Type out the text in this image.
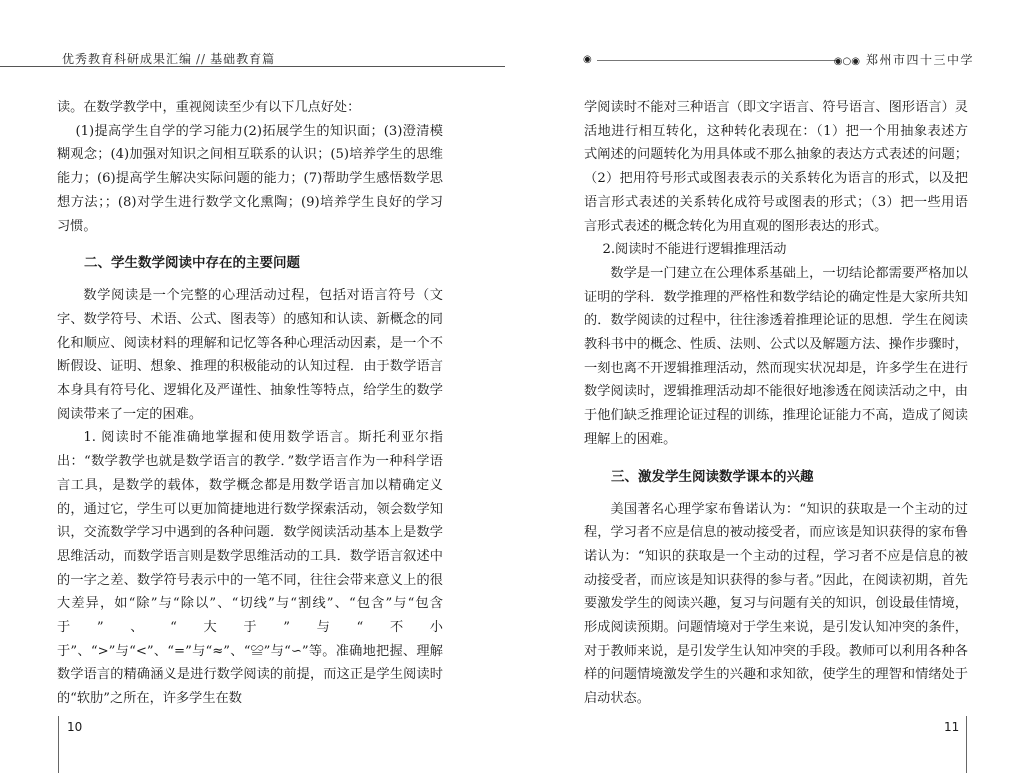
优秀教育科研成果汇编 // 基础教育篇	◉	◉○◉ 郑州市四十三中学

读。在数学教学中，重视阅读至少有以下几点好处：

(1)提高学生自学的学习能力(2)拓展学生的知识面；(3)澄清模糊观念；(4)加强对知识之间相互联系的认识；(5)培养学生的思维能力；(6)提高学生解决实际问题的能力；(7)帮助学生感悟数学思想方法；；(8)对学生进行数学文化熏陶；(9)培养学生良好的学习习惯。

二、学生数学阅读中存在的主要问题

数学阅读是一个完整的心理活动过程，包括对语言符号（文字、数学符号、术语、公式、图表等）的感知和认读、新概念的同化和顺应、阅读材料的理解和记忆等各种心理活动因素，是一个不断假设、证明、想象、推理的积极能动的认知过程．由于数学语言本身具有符号化、逻辑化及严谨性、抽象性等特点，给学生的数学阅读带来了一定的困难。

1. 阅读时不能准确地掌握和使用数学语言。斯托利亚尔指出：“数学教学也就是数学语言的教学．”数学语言作为一种科学语言工具，是数学的载体，数学概念都是用数学语言加以精确定义的，通过它，学生可以更加简捷地进行数学探索活动，领会数学知识，交流数学学习中遇到的各种问题．数学阅读活动基本上是数学思维活动，而数学语言则是数学思维活动的工具．数学语言叙述中的一字之差、数学符号表示中的一笔不同，往往会带来意义上的很大差异，如“除”与“除以”、“切线”与“割线”、“包含”与“包含于”、“大于”与“不小于”、“>”与“<”、“=”与“≈”、“≌”与“∽”等。准确地把握、理解数学语言的精确涵义是进行数学阅读的前提，而这正是学生阅读时的“软肋”之所在，许多学生在数

学阅读时不能对三种语言（即文字语言、符号语言、图形语言）灵活地进行相互转化，这种转化表现在：（1）把一个用抽象表述方式阐述的问题转化为用具体或不那么抽象的表达方式表述的问题；（2）把用符号形式或图表表示的关系转化为语言的形式，以及把语言形式表述的关系转化成符号或图表的形式；（3）把一些用语言形式表述的概念转化为用直观的图形表达的形式。

2.阅读时不能进行逻辑推理活动

数学是一门建立在公理体系基础上，一切结论都需要严格加以证明的学科．数学推理的严格性和数学结论的确定性是大家所共知的．数学阅读的过程中，往往渗透着推理论证的思想．学生在阅读教科书中的概念、性质、法则、公式以及解题方法、操作步骤时，一刻也离不开逻辑推理活动，然而现实状况却是，许多学生在进行数学阅读时，逻辑推理活动却不能很好地渗透在阅读活动之中，由于他们缺乏推理论证过程的训练，推理论证能力不高，造成了阅读理解上的困难。

三、激发学生阅读数学课本的兴趣

美国著名心理学家布鲁诺认为：“知识的获取是一个主动的过程，学习者不应是信息的被动接受者，而应该是知识获得的家布鲁诺认为：“知识的获取是一个主动的过程，学习者不应是信息的被动接受者，而应该是知识获得的参与者。”因此，在阅读初期，首先要激发学生的阅读兴趣，复习与问题有关的知识，创设最佳情境，形成阅读预期。问题情境对于学生来说，是引发认知冲突的条件，对于教师来说，是引发学生认知冲突的手段。教师可以利用各种各样的问题情境激发学生的兴趣和求知欲，使学生的理智和情绪处于启动状态。

10	11
